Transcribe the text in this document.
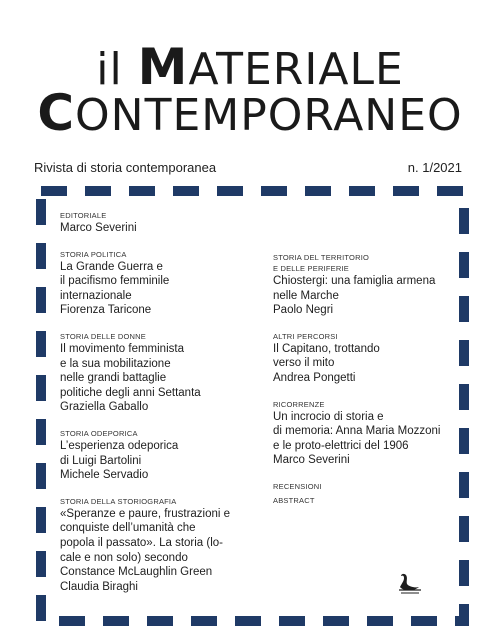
il MATERIALE
CONTEMPORANEO
Rivista di storia contemporanea	n. 1/2021
EDITORIALE
Marco Severini
STORIA POLITICA
La Grande Guerra e
il pacifismo femminile
internazionale
Fiorenza Taricone
STORIA DELLE DONNE
Il movimento femminista
e la sua mobilitazione
nelle grandi battaglie
politiche degli anni Settanta
Graziella Gaballo
STORIA ODEPORICA
L’esperienza odeporica
di Luigi Bartolini
Michele Servadio
STORIA DELLA STORIOGRAFIA
«Speranze e paure, frustrazioni e
conquiste dell’umanità che
popola il passato». La storia (lo-
cale e non solo) secondo
Constance McLaughlin Green
Claudia Biraghi
STORIA DEL TERRITORIO
E DELLE PERIFERIE
Chiostergi: una famiglia armena
nelle Marche
Paolo Negri
ALTRI PERCORSI
Il Capitano, trottando
verso il mito
Andrea Pongetti
RICORRENZE
Un incrocio di storia e
di memoria: Anna Maria Mozzoni
e le proto-elettrici del 1906
Marco Severini
RECENSIONI
ABSTRACT
